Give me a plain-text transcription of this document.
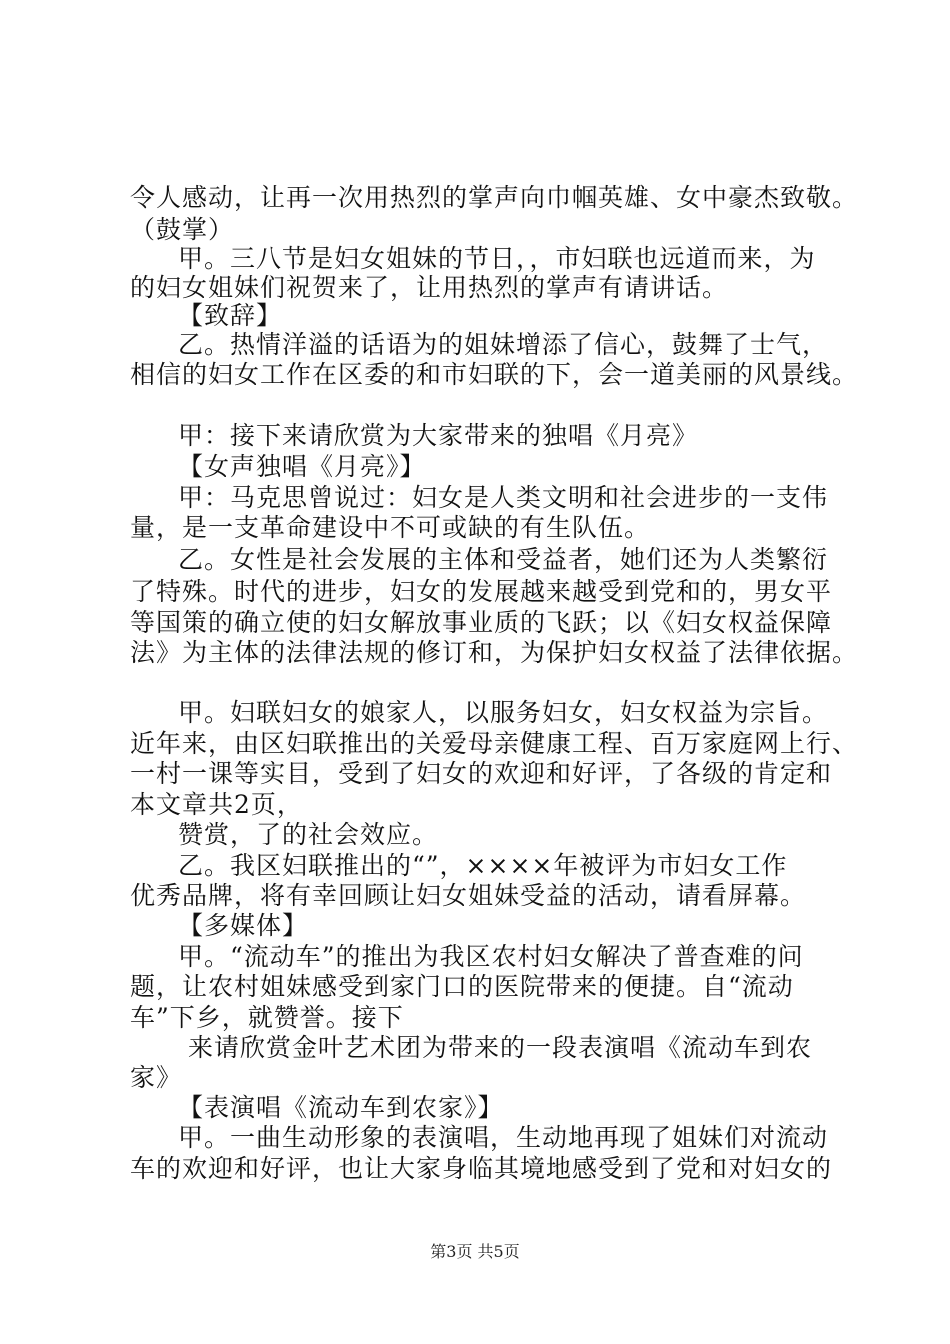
令人感动，让再一次用热烈的掌声向巾帼英雄、女中豪杰致敬。
（鼓掌）
甲。三八节是妇女姐妹的节日，，市妇联也远道而来，为
的妇女姐妹们祝贺来了，让用热烈的掌声有请讲话。
【致辞】
乙。热情洋溢的话语为的姐妹增添了信心，鼓舞了士气，
相信的妇女工作在区委的和市妇联的下，会一道美丽的风景线。
甲：接下来请欣赏为大家带来的独唱《月亮》
【女声独唱《月亮》】
甲：马克思曾说过：妇女是人类文明和社会进步的一支伟
量，是一支革命建设中不可或缺的有生队伍。
乙。女性是社会发展的主体和受益者，她们还为人类繁衍
了特殊。时代的进步，妇女的发展越来越受到党和的，男女平
等国策的确立使的妇女解放事业质的飞跃；以《妇女权益保障
法》为主体的法律法规的修订和，为保护妇女权益了法律依据。
甲。妇联妇女的娘家人，以服务妇女，妇女权益为宗旨。
近年来，由区妇联推出的关爱母亲健康工程、百万家庭网上行、
一村一课等实目，受到了妇女的欢迎和好评，了各级的肯定和
本文章共2页，
赞赏，了的社会效应。
乙。我区妇联推出的“”，××××年被评为市妇女工作
优秀品牌，将有幸回顾让妇女姐妹受益的活动，请看屏幕。
【多媒体】
甲。“流动车”的推出为我区农村妇女解决了普查难的问
题，让农村姐妹感受到家门口的医院带来的便捷。自“流动
车”下乡，就赞誉。接下
来请欣赏金叶艺术团为带来的一段表演唱《流动车到农
家》
【表演唱《流动车到农家》】
甲。一曲生动形象的表演唱，生动地再现了姐妹们对流动
车的欢迎和好评，也让大家身临其境地感受到了党和对妇女的
第3页 共5页
